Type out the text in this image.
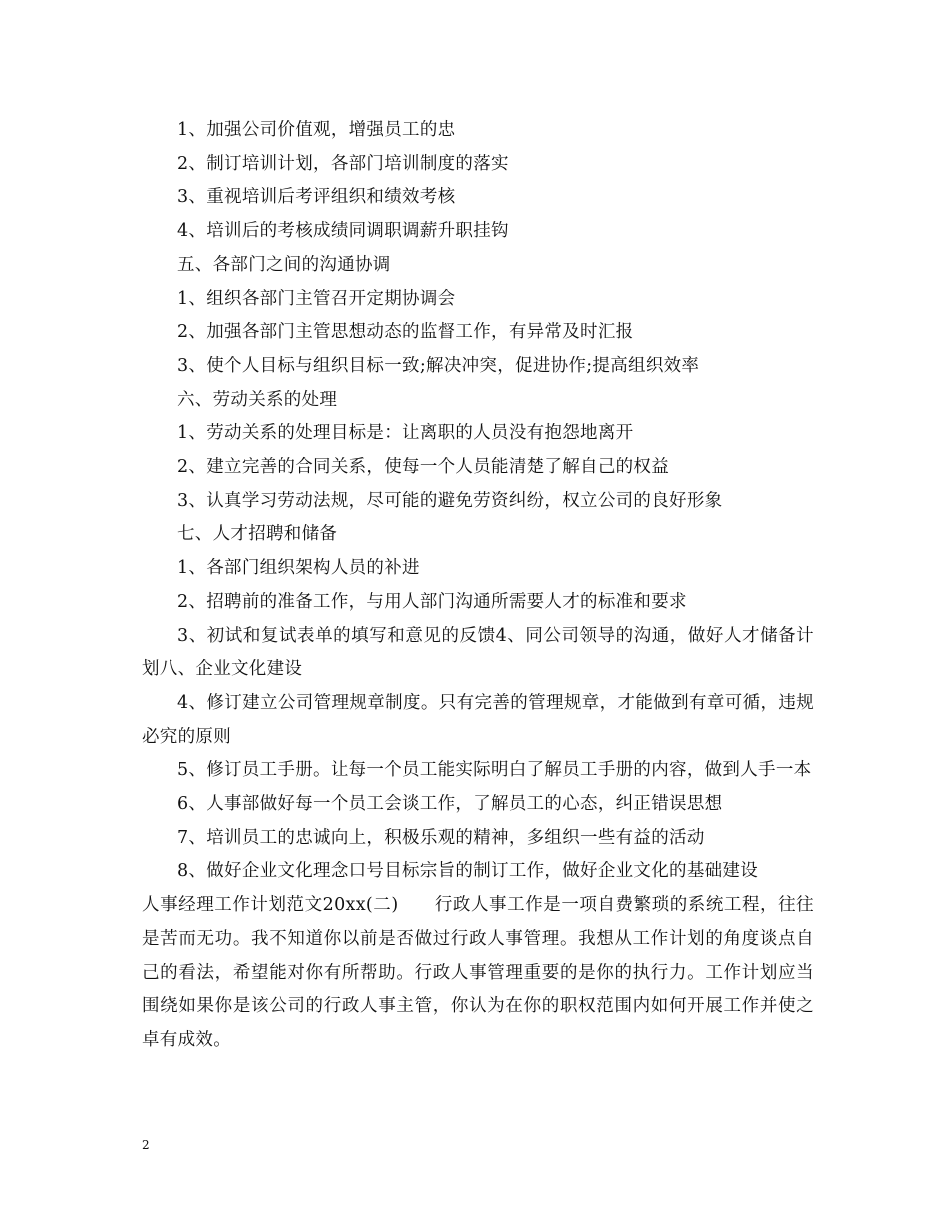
1、加强公司价值观，增强员工的忠

2、制订培训计划，各部门培训制度的落实

3、重视培训后考评组织和绩效考核

4、培训后的考核成绩同调职调薪升职挂钩

五、各部门之间的沟通协调

1、组织各部门主管召开定期协调会

2、加强各部门主管思想动态的监督工作，有异常及时汇报

3、使个人目标与组织目标一致;解决冲突，促进协作;提高组织效率

六、劳动关系的处理

1、劳动关系的处理目标是：让离职的人员没有抱怨地离开

2、建立完善的合同关系，使每一个人员能清楚了解自己的权益

3、认真学习劳动法规，尽可能的避免劳资纠纷，权立公司的良好形象

七、人才招聘和储备

1、各部门组织架构人员的补进

2、招聘前的准备工作，与用人部门沟通所需要人才的标准和要求

3、初试和复试表单的填写和意见的反馈4、同公司领导的沟通，做好人才储备计划八、企业文化建设

4、修订建立公司管理规章制度。只有完善的管理规章，才能做到有章可循，违规必究的原则

5、修订员工手册。让每一个员工能实际明白了解员工手册的内容，做到人手一本

6、人事部做好每一个员工会谈工作，了解员工的心态，纠正错误思想

7、培训员工的忠诚向上，积极乐观的精神，多组织一些有益的活动

8、做好企业文化理念口号目标宗旨的制订工作，做好企业文化的基础建设

人事经理工作计划范文20xx(二)　　行政人事工作是一项自费繁琐的系统工程，往往是苦而无功。我不知道你以前是否做过行政人事管理。我想从工作计划的角度谈点自己的看法，希望能对你有所帮助。行政人事管理重要的是你的执行力。工作计划应当围绕如果你是该公司的行政人事主管，你认为在你的职权范围内如何开展工作并使之卓有成效。

2
